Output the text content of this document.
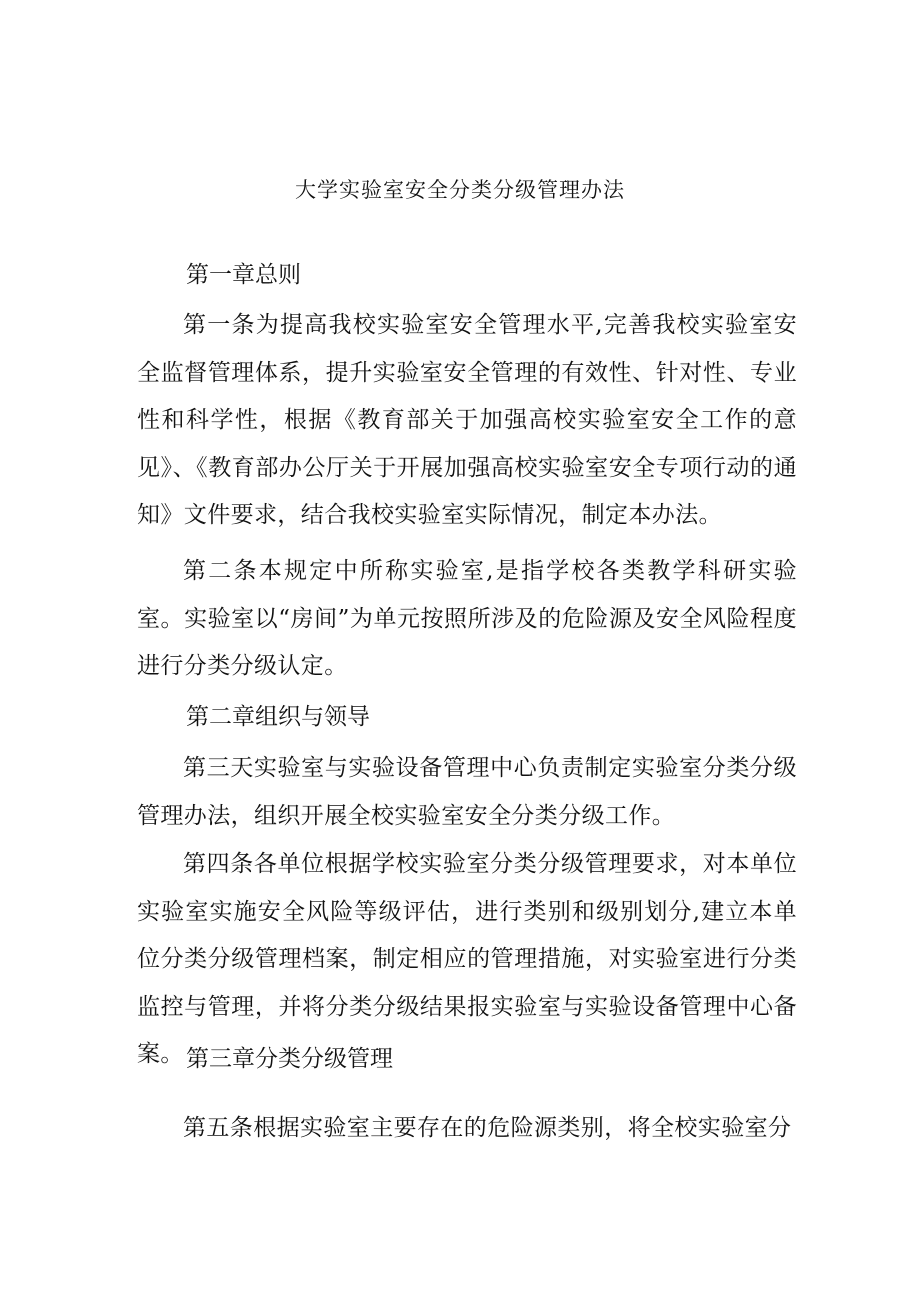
大学实验室安全分类分级管理办法
第一章总则

第一条为提高我校实验室安全管理水平,完善我校实验室安全监督管理体系，提升实验室安全管理的有效性、针对性、专业性和科学性，根据《教育部关于加强高校实验室安全工作的意见》、《教育部办公厅关于开展加强高校实验室安全专项行动的通知》文件要求，结合我校实验室实际情况，制定本办法。

第二条本规定中所称实验室,是指学校各类教学科研实验室。实验室以“房间”为单元按照所涉及的危险源及安全风险程度进行分类分级认定。

第二章组织与领导

第三天实验室与实验设备管理中心负责制定实验室分类分级管理办法，组织开展全校实验室安全分类分级工作。

第四条各单位根据学校实验室分类分级管理要求，对本单位实验室实施安全风险等级评估，进行类别和级别划分,建立本单位分类分级管理档案，制定相应的管理措施，对实验室进行分类监控与管理，并将分类分级结果报实验室与实验设备管理中心备案。 第三章分类分级管理

第五条根据实验室主要存在的危险源类别，将全校实验室分
